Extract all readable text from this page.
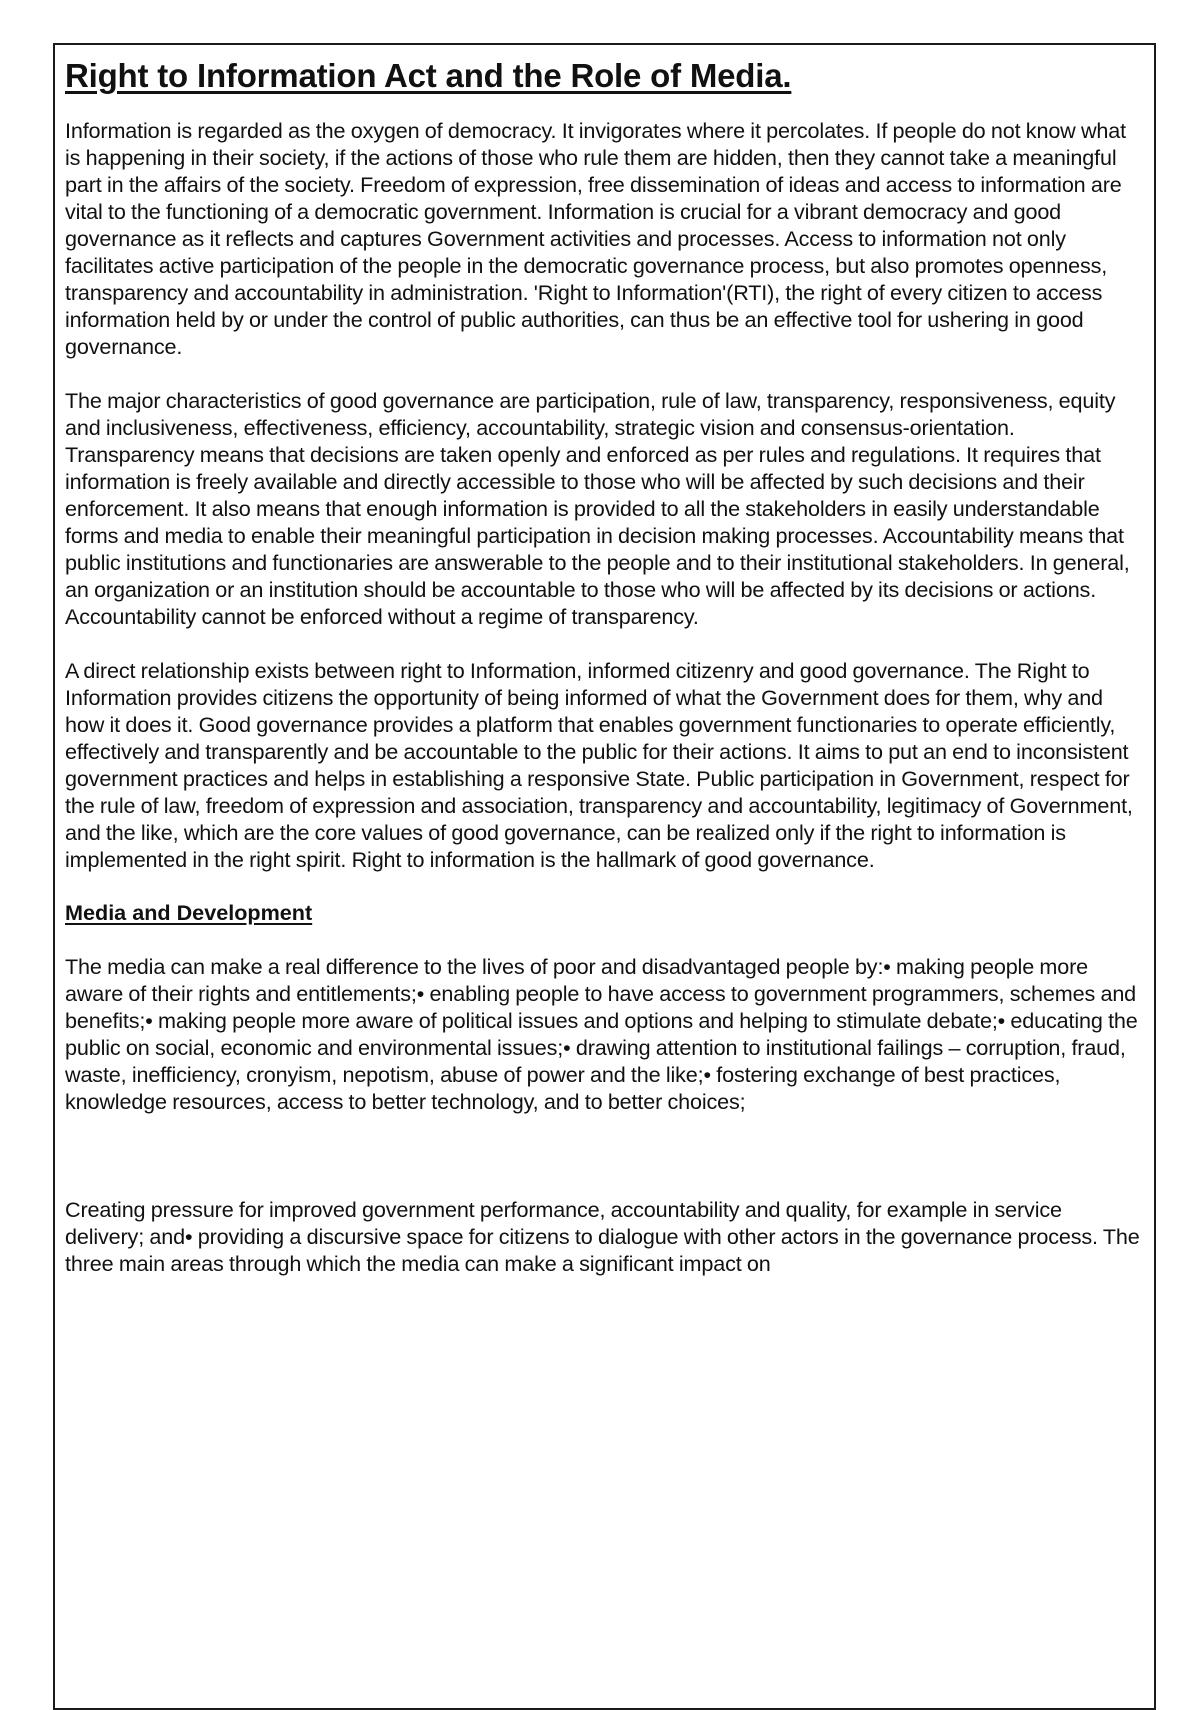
Right to Information Act and the Role of Media.

Information is regarded as the oxygen of democracy. It invigorates where it percolates. If people do not know what is happening in their society, if the actions of those who rule them are hidden, then they cannot take a meaningful part in the affairs of the society. Freedom of expression, free dissemination of ideas and access to information are vital to the functioning of a democratic government. Information is crucial for a vibrant democracy and good governance as it reflects and captures Government activities and processes. Access to information not only facilitates active participation of the people in the democratic governance process, but also promotes openness, transparency and accountability in administration. 'Right to Information'(RTI), the right of every citizen to access information held by or under the control of public authorities, can thus be an effective tool for ushering in good governance.

The major characteristics of good governance are participation, rule of law, transparency, responsiveness, equity and inclusiveness, effectiveness, efficiency, accountability, strategic vision and consensus-orientation. Transparency means that decisions are taken openly and enforced as per rules and regulations. It requires that information is freely available and directly accessible to those who will be affected by such decisions and their enforcement. It also means that enough information is provided to all the stakeholders in easily understandable forms and media to enable their meaningful participation in decision making processes. Accountability means that public institutions and functionaries are answerable to the people and to their institutional stakeholders. In general, an organization or an institution should be accountable to those who will be affected by its decisions or actions. Accountability cannot be enforced without a regime of transparency.

A direct relationship exists between right to Information, informed citizenry and good governance. The Right to Information provides citizens the opportunity of being informed of what the Government does for them, why and how it does it. Good governance provides a platform that enables government functionaries to operate efficiently, effectively and transparently and be accountable to the public for their actions. It aims to put an end to inconsistent government practices and helps in establishing a responsive State. Public participation in Government, respect for the rule of law, freedom of expression and association, transparency and accountability, legitimacy of Government, and the like, which are the core values of good governance, can be realized only if the right to information is implemented in the right spirit. Right to information is the hallmark of good governance.

Media and Development

The media can make a real difference to the lives of poor and disadvantaged people by:• making people more aware of their rights and entitlements;• enabling people to have access to government programmers, schemes and benefits;• making people more aware of political issues and options and helping to stimulate debate;• educating the public on social, economic and environmental issues;• drawing attention to institutional failings – corruption, fraud, waste, inefficiency, cronyism, nepotism, abuse of power and the like;• fostering exchange of best practices, knowledge resources, access to better technology, and to better choices;

Creating pressure for improved government performance, accountability and quality, for example in service delivery; and• providing a discursive space for citizens to dialogue with other actors in the governance process. The three main areas through which the media can make a significant impact on
